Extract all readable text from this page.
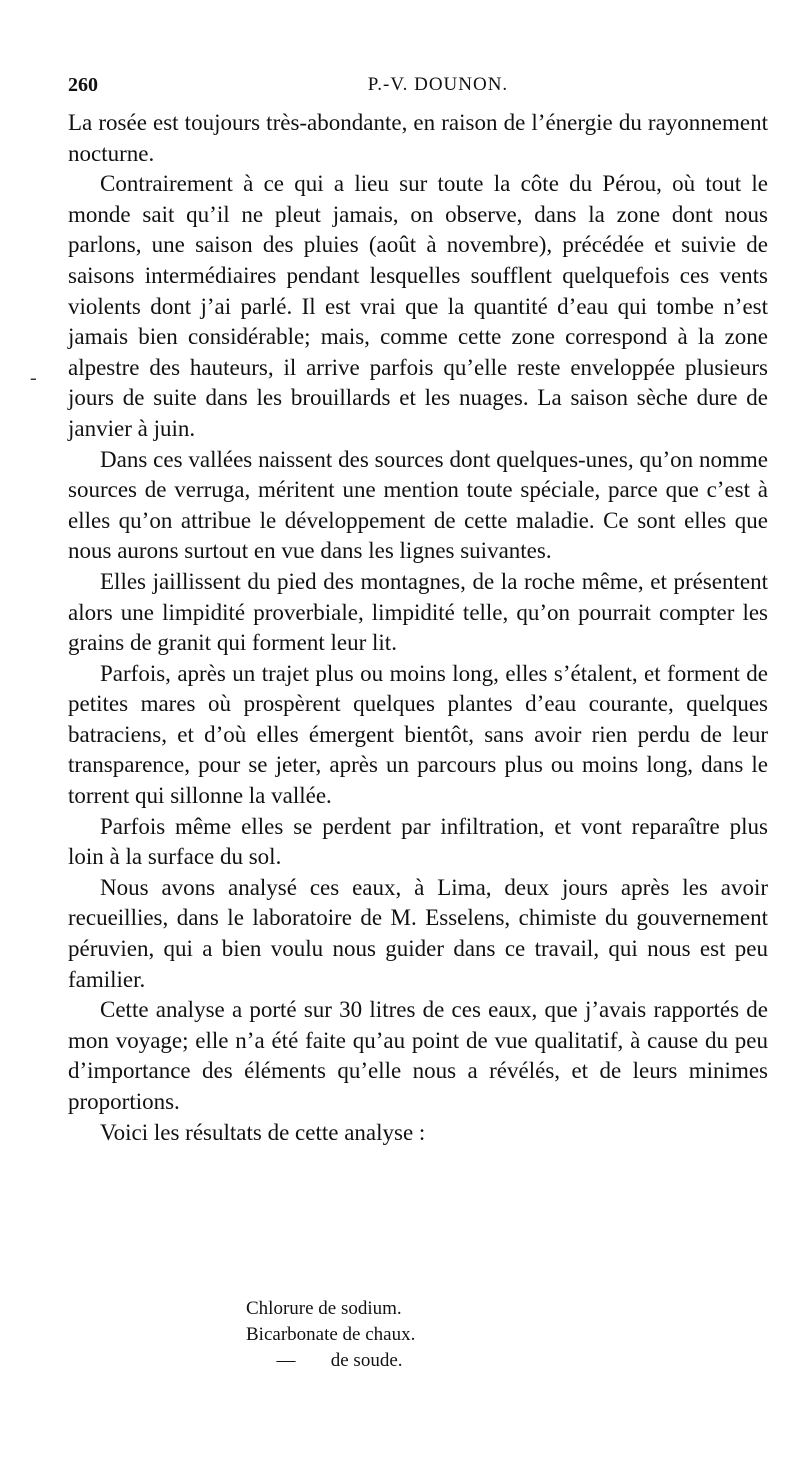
260	P.-V. DOUNON.
-

La rosée est toujours très-abondante, en raison de l’énergie du rayonnement nocturne.

Contrairement à ce qui a lieu sur toute la côte du Pérou, où tout le monde sait qu’il ne pleut jamais, on observe, dans la zone dont nous parlons, une saison des pluies (août à novembre), précédée et suivie de saisons intermédiaires pendant lesquelles soufflent quelquefois ces vents violents dont j’ai parlé. Il est vrai que la quantité d’eau qui tombe n’est jamais bien considérable; mais, comme cette zone correspond à la zone alpestre des hauteurs, il arrive parfois qu’elle reste enveloppée plusieurs jours de suite dans les brouillards et les nuages. La saison sèche dure de janvier à juin.

Dans ces vallées naissent des sources dont quelques-unes, qu’on nomme sources de verruga, méritent une mention toute spéciale, parce que c’est à elles qu’on attribue le développement de cette maladie. Ce sont elles que nous aurons surtout en vue dans les lignes suivantes.

Elles jaillissent du pied des montagnes, de la roche même, et présentent alors une limpidité proverbiale, limpidité telle, qu’on pourrait compter les grains de granit qui forment leur lit.

Parfois, après un trajet plus ou moins long, elles s’étalent, et forment de petites mares où prospèrent quelques plantes d’eau courante, quelques batraciens, et d’où elles émergent bientôt, sans avoir rien perdu de leur transparence, pour se jeter, après un parcours plus ou moins long, dans le torrent qui sillonne la vallée.

Parfois même elles se perdent par infiltration, et vont reparaître plus loin à la surface du sol.

Nous avons analysé ces eaux, à Lima, deux jours après les avoir recueillies, dans le laboratoire de M. Esselens, chimiste du gouvernement péruvien, qui a bien voulu nous guider dans ce travail, qui nous est peu familier.

Cette analyse a porté sur 30 litres de ces eaux, que j’avais rapportés de mon voyage; elle n’a été faite qu’au point de vue qualitatif, à cause du peu d’importance des éléments qu’elle nous a révélés, et de leurs minimes proportions.

Voici les résultats de cette analyse :

Chlorure de sodium.
Bicarbonate de chaux.
— de soude.
